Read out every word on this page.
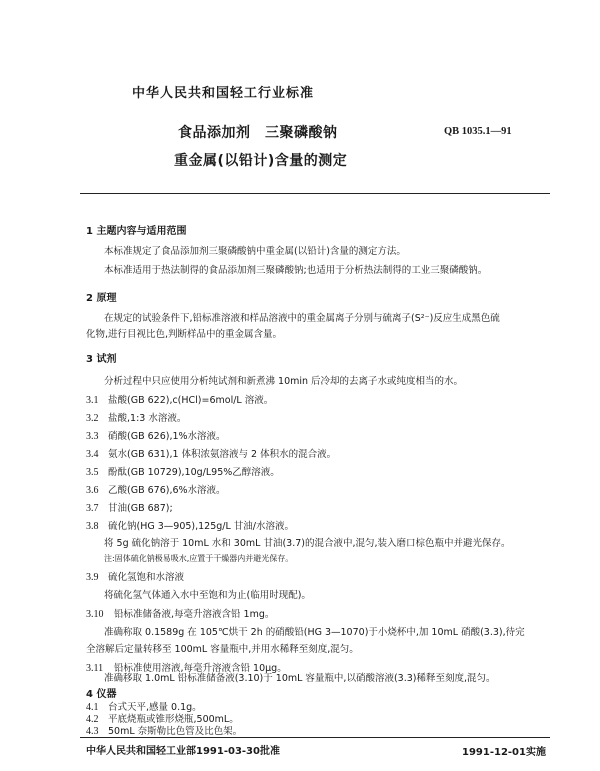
中华人民共和国轻工行业标准
食品添加剂　三聚磷酸钠
重金属(以铅计)含量的测定
QB 1035.1—91
1 主题内容与适用范围
本标准规定了食品添加剂三聚磷酸钠中重金属(以铅计)含量的测定方法。
本标准适用于热法制得的食品添加剂三聚磷酸钠;也适用于分析热法制得的工业三聚磷酸钠。
2 原理
在规定的试验条件下,铅标准溶液和样品溶液中的重金属离子分别与硫离子(S²⁻)反应生成黑色硫
化物,进行目视比色,判断样品中的重金属含量。
3 试剂
分析过程中只应使用分析纯试剂和新煮沸 10min 后冷却的去离子水或纯度相当的水。
3.1 盐酸(GB 622),c(HCl)=6mol/L 溶液。
3.2 盐酸,1:3 水溶液。
3.3 硝酸(GB 626),1%水溶液。
3.4 氨水(GB 631),1 体积浓氨溶液与 2 体积水的混合液。
3.5 酚酞(GB 10729),10g/L95%乙醇溶液。
3.6 乙酸(GB 676),6%水溶液。
3.7 甘油(GB 687);
3.8 硫化钠(HG 3—905),125g/L 甘油/水溶液。
将 5g 硫化钠溶于 10mL 水和 30mL 甘油(3.7)的混合液中,混匀,装入磨口棕色瓶中并避光保存。
注:固体硫化钠极易吸水,应置于干燥器内并避光保存。
3.9 硫化氢饱和水溶液
将硫化氢气体通入水中至饱和为止(临用时现配)。
3.10 铅标准储备液,每毫升溶液含铅 1mg。
准确称取 0.1589g 在 105℃烘干 2h 的硝酸铅(HG 3—1070)于小烧杯中,加 10mL 硝酸(3.3),待完
全溶解后定量转移至 100mL 容量瓶中,并用水稀释至刻度,混匀。
3.11 铅标准使用溶液,每毫升溶液含铅 10μg。
准确移取 1.0mL 铅标准储备液(3.10)于 10mL 容量瓶中,以硝酸溶液(3.3)稀释至刻度,混匀。
4 仪器
4.1 台式天平,感量 0.1g。
4.2 平底烧瓶或锥形烧瓶,500mL。
中华人民共和国轻工业部1991-03-30批准	1991-12-01实施
4.3 50mL 奈斯勒比色管及比色架。
